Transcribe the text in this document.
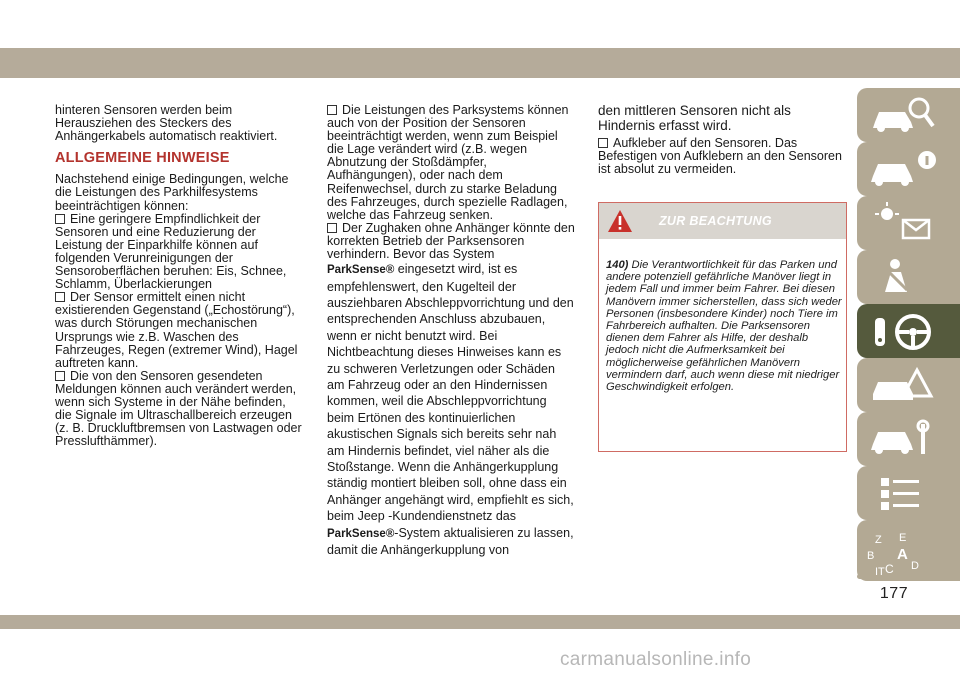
hinteren Sensoren werden beim Herausziehen des Steckers des Anhängerkabels automatisch reaktiviert.

ALLGEMEINE HINWEISE

Nachstehend einige Bedingungen, welche die Leistungen des Parkhilfesystems beeinträchtigen können:

Eine geringere Empfindlichkeit der Sensoren und eine Reduzierung der Leistung der Einparkhilfe können auf folgenden Verunreinigungen der Sensoroberflächen beruhen: Eis, Schnee, Schlamm, Überlackierungen

Der Sensor ermittelt einen nicht existierenden Gegenstand („Echostörung“), was durch Störungen mechanischen Ursprungs wie z.B. Waschen des Fahrzeuges, Regen (extremer Wind), Hagel auftreten kann.

Die von den Sensoren gesendeten Meldungen können auch verändert werden, wenn sich Systeme in der Nähe befinden, die Signale im Ultraschallbereich erzeugen (z. B. Druckluftbremsen von Lastwagen oder Presslufthämmer).

Die Leistungen des Parksystems können auch von der Position der Sensoren beeinträchtigt werden, wenn zum Beispiel die Lage verändert wird (z.B. wegen Abnutzung der Stoßdämpfer, Aufhängungen), oder nach dem Reifenwechsel, durch zu starke Beladung des Fahrzeuges, durch spezielle Radlagen, welche das Fahrzeug senken.

Der Zughaken ohne Anhänger könnte den korrekten Betrieb der Parksensoren verhindern. Bevor das System

ParkSense® eingesetzt wird, ist es empfehlenswert, den Kugelteil der ausziehbaren Abschleppvorrichtung und den entsprechenden Anschluss abzubauen, wenn er nicht benutzt wird. Bei Nichtbeachtung dieses Hinweises kann es zu schweren Verletzungen oder Schäden am Fahrzeug oder an den Hindernissen kommen, weil die Abschleppvorrichtung beim Ertönen des kontinuierlichen akustischen Signals sich bereits sehr nah am Hindernis befindet, viel näher als die Stoßstange. Wenn die Anhängerkupplung ständig montiert bleiben soll, ohne dass ein Anhänger angehängt wird, empfiehlt es sich, beim Jeep -Kundendienstnetz das
ParkSense®-System aktualisieren zu lassen, damit die Anhängerkupplung von

den mittleren Sensoren nicht als Hindernis erfasst wird.

Aufkleber auf den Sensoren. Das Befestigen von Aufklebern an den Sensoren ist absolut zu vermeiden.

ZUR BEACHTUNG
140) Die Verantwortlichkeit für das Parken und andere potenziell gefährliche Manöver liegt in jedem Fall und immer beim Fahrer. Bei diesen Manövern immer sicherstellen, dass sich weder Personen (insbesondere Kinder) noch Tiere im Fahrbereich aufhalten. Die Parksensoren dienen dem Fahrer als Hilfe, der deshalb jedoch nicht die Aufmerksamkeit bei möglicherweise gefährlichen Manövern vermindern darf, auch wenn diese mit niedriger Geschwindigkeit erfolgen.
Z E
B A
C D
I T
177
carmanualsonline.info
